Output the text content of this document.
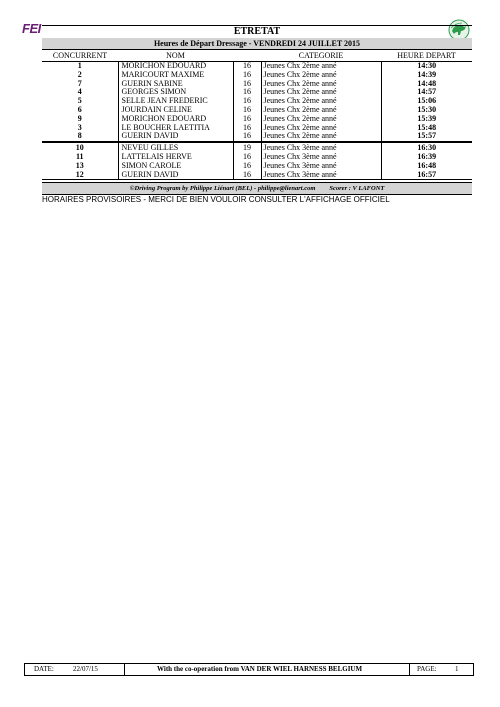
FEI	ETRETAT
Heures de Départ Dressage - VENDREDI 24 JUILLET 2015
CONCURRENT	NOM		CATEGORIE	HEURE DEPART
1	MORICHON EDOUARD	16	Jeunes Chx 2ème anné	14:30
2	MARICOURT MAXIME	16	Jeunes Chx 2ème anné	14:39
7	GUERIN SABINE	16	Jeunes Chx 2ème anné	14:48
4	GEORGES SIMON	16	Jeunes Chx 2ème anné	14:57
5	SELLE JEAN FREDERIC	16	Jeunes Chx 2ème anné	15:06
6	JOURDAIN CELINE	16	Jeunes Chx 2ème anné	15:30
9	MORICHON EDOUARD	16	Jeunes Chx 2ème anné	15:39
3	LE BOUCHER LAETITIA	16	Jeunes Chx 2ème anné	15:48
8	GUERIN DAVID	16	Jeunes Chx 2ème anné	15:57
10	NEVEU GILLES	19	Jeunes Chx 3ème anné	16:30
11	LATTELAIS HERVE	16	Jeunes Chx 3ème anné	16:39
13	SIMON CAROLE	16	Jeunes Chx 3ème anné	16:48
12	GUERIN DAVID	16	Jeunes Chx 3ème anné	16:57
©Driving Program by Philippe Liénart (BEL) - philippe@lienart.com Scorer : V LAFONT
HORAIRES PROVISOIRES - MERCI DE BIEN VOULOIR CONSULTER L'AFFICHAGE OFFICIEL
DATE:	22/07/15	With the co-operation from VAN DER WIEL HARNESS BELGIUM	PAGE:	1
